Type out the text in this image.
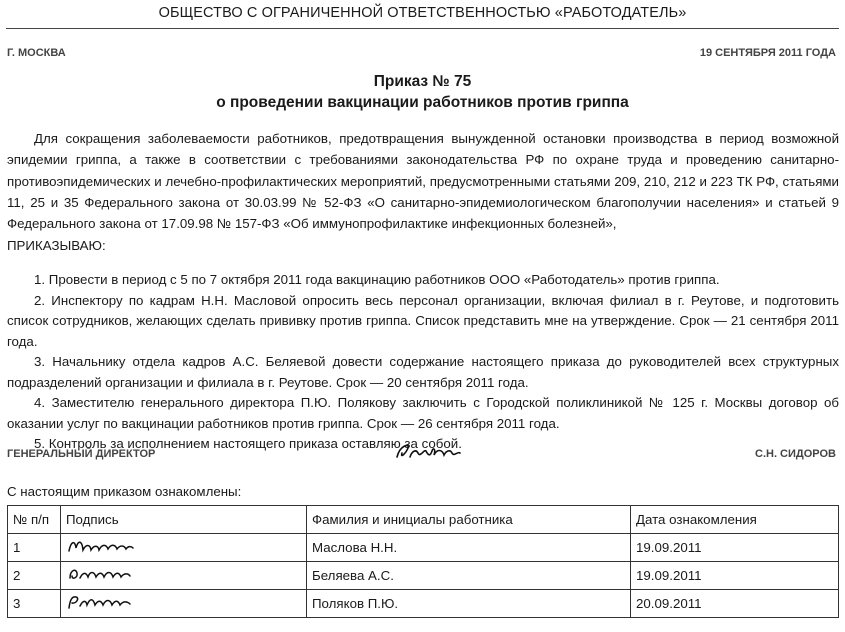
ОБЩЕСТВО С ОГРАНИЧЕННОЙ ОТВЕТСТВЕННОСТЬЮ «РАБОТОДАТЕЛЬ»
Г. МОСКВА	19 СЕНТЯБРЯ 2011 ГОДА
Приказ № 75
о проведении вакцинации работников против гриппа
Для сокращения заболеваемости работников, предотвращения вынужденной остановки производства в период возможной эпидемии гриппа, а также в соответствии с требованиями законодательства РФ по охране труда и проведению санитарно-противоэпидемических и лечебно-профилактических мероприятий, предусмотренными статьями 209, 210, 212 и 223 ТК РФ, статьями 11, 25 и 35 Федерального закона от 30.03.99 № 52-ФЗ «О санитарно-эпидемиологическом благополучии населения» и статьей 9 Федерального закона от 17.09.98 № 157-ФЗ «Об иммунопрофилактике инфекционных болезней»,
ПРИКАЗЫВАЮ:

1. Провести в период с 5 по 7 октября 2011 года вакцинацию работников ООО «Работодатель» против гриппа.

2. Инспектору по кадрам Н.Н. Масловой опросить весь персонал организации, включая филиал в г. Реутове, и подготовить список сотрудников, желающих сделать прививку против гриппа. Список представить мне на утверждение. Срок — 21 сентября 2011 года.

3. Начальнику отдела кадров А.С. Беляевой довести содержание настоящего приказа до руководителей всех структурных подразделений организации и филиала в г. Реутове. Срок — 20 сентября 2011 года.

4. Заместителю генерального директора П.Ю. Полякову заключить с Городской поликлиникой № 125 г. Москвы договор об оказании услуг по вакцинации работников против гриппа. Срок — 26 сентября 2011 года.

5. Контроль за исполнением настоящего приказа оставляю за собой.

ГЕНЕРАЛЬНЫЙ ДИРЕКТОР	С.Н. СИДОРОВ
С настоящим приказом ознакомлены:
№ п/п	Подпись	Фамилия и инициалы работника	Дата ознакомления
1		Маслова Н.Н.	19.09.2011
2		Беляева А.С.	19.09.2011
3		Поляков П.Ю.	20.09.2011
